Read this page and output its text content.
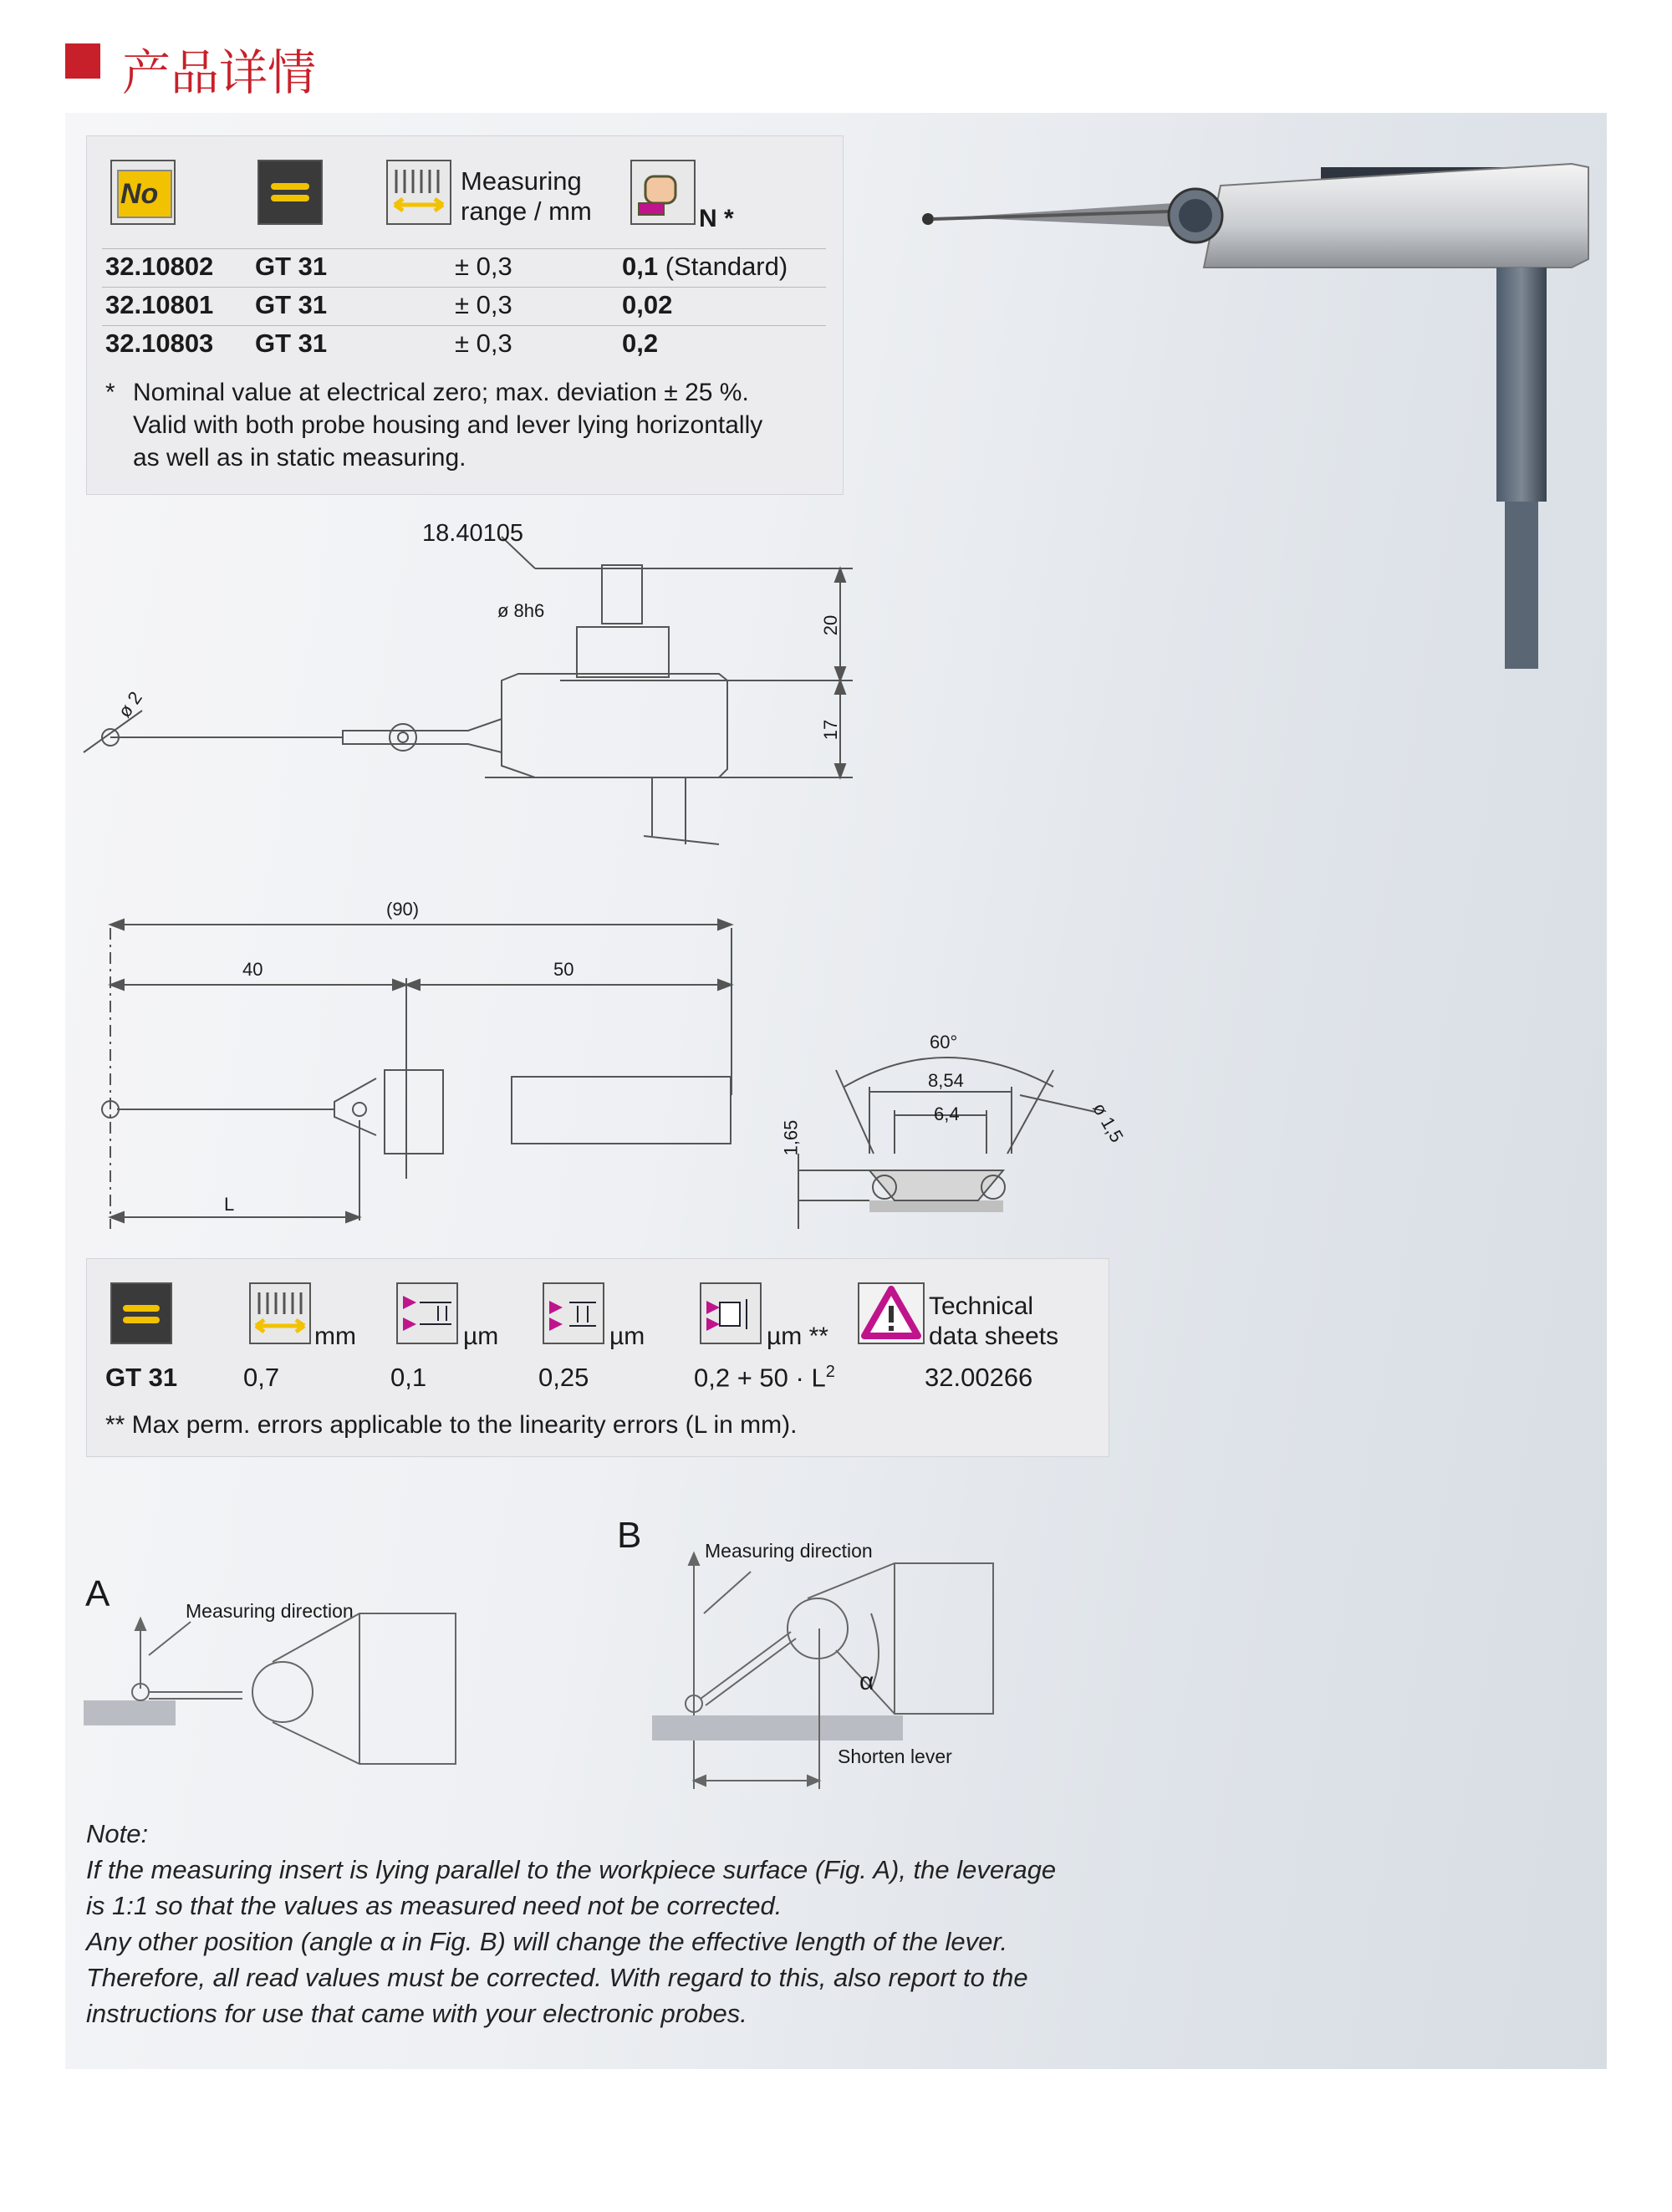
产品详情
No	Measuring
range / mm	N *
32.10802 GT 31	± 0,3	0,1 (Standard)
32.10801 GT 31	± 0,3	0,02
32.10803 GT 31	± 0,3	0,2
* Nominal value at electrical zero; max. deviation ± 25 %.
Valid with both probe housing and lever lying horizontally
as well as in static measuring.
18.40105
ø 8h6
ø 2
20
17
(90)
40	50
L
60°
8,54
6,4
1,65	ø 1,5
mm	µm	µm	µm **
Technical
data sheets
GT 31	0,7	0,1	0,25	$0,2 + 50 \cdot L^2$	32.00266
** Max perm. errors applicable to the linearity errors (L in mm).
A	Measuring direction
B	Measuring direction
α
Shorten lever
Note:
If the measuring insert is lying parallel to the workpiece surface (Fig. A), the leverage
is 1:1 so that the values as measured need not be corrected.
Any other position (angle α in Fig. B) will change the effective length of the lever.
Therefore, all read values must be corrected. With regard to this, also report to the
instructions for use that came with your electronic probes.
